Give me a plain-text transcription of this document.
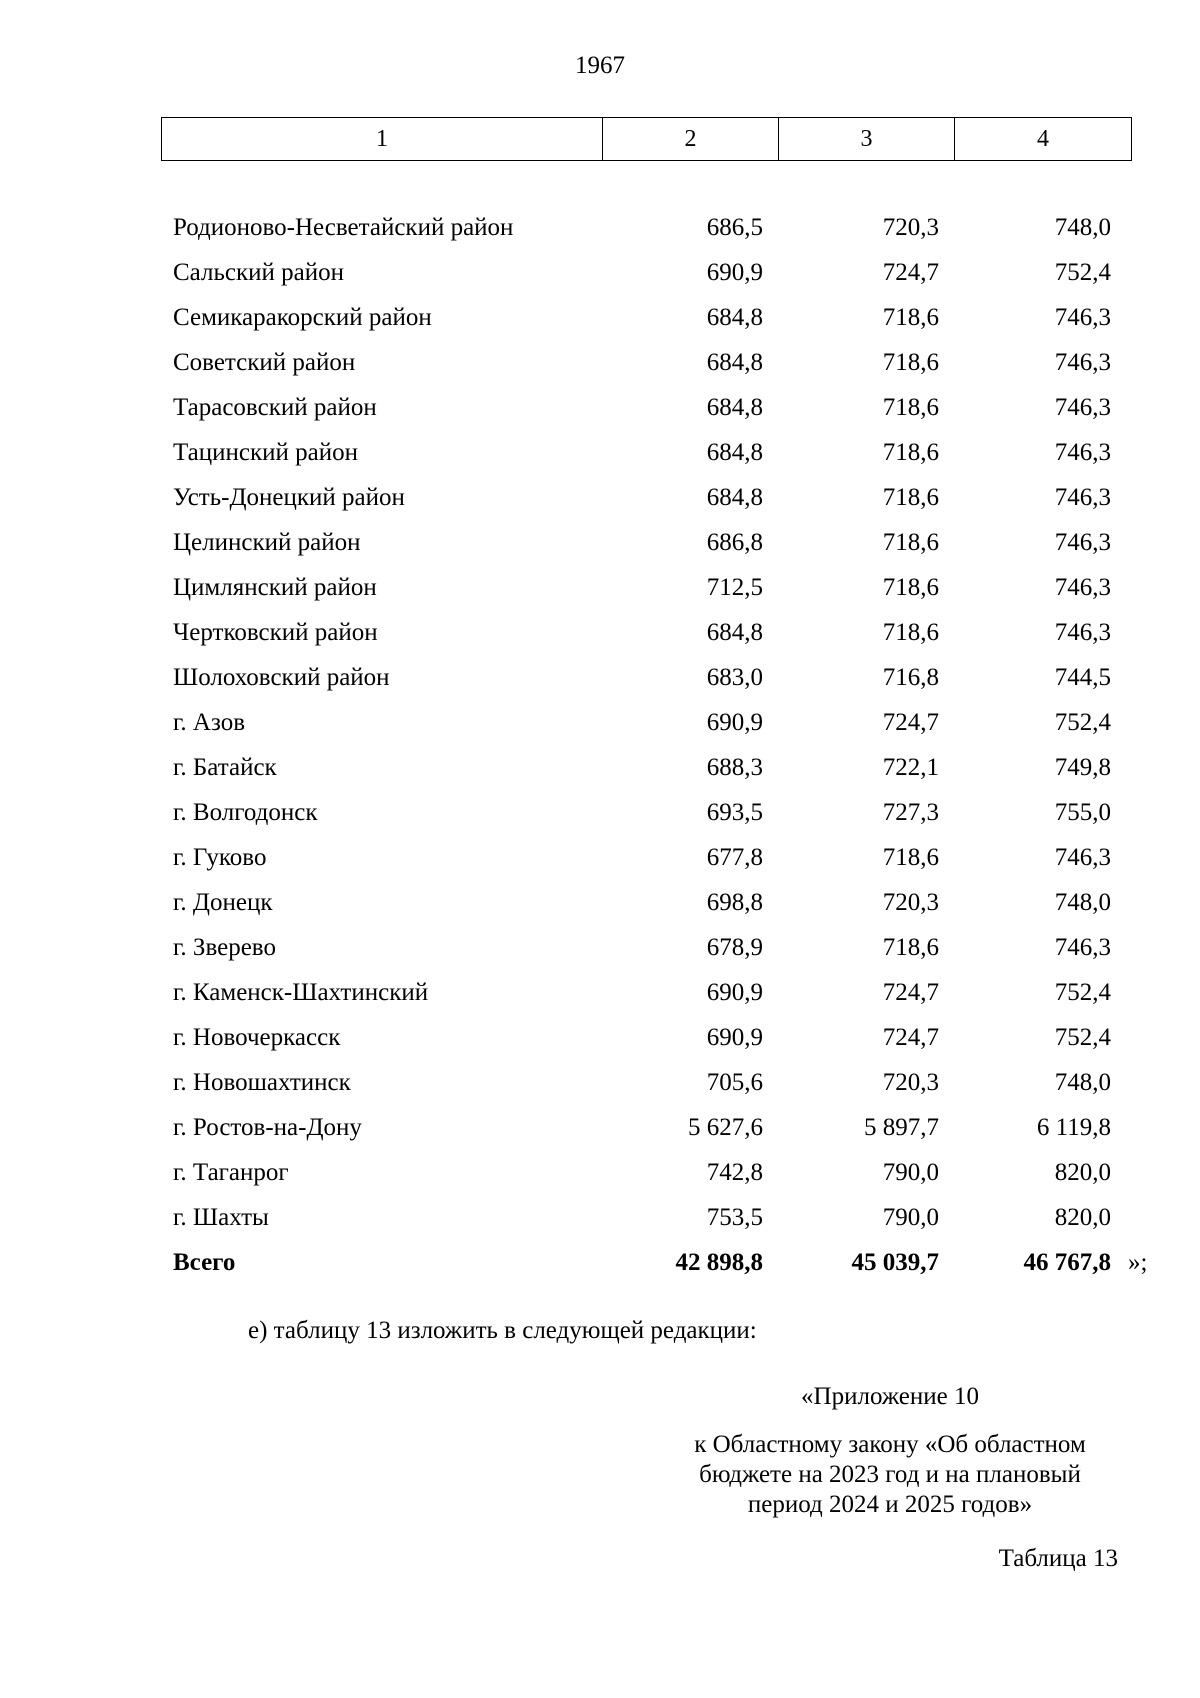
1967
1	2	3	4
Родионово-Несветайский район	686,5	720,3	748,0
Сальский район	690,9	724,7	752,4
Семикаракорский район	684,8	718,6	746,3
Советский район	684,8	718,6	746,3
Тарасовский район	684,8	718,6	746,3
Тацинский район	684,8	718,6	746,3
Усть-Донецкий район	684,8	718,6	746,3
Целинский район	686,8	718,6	746,3
Цимлянский район	712,5	718,6	746,3
Чертковский район	684,8	718,6	746,3
Шолоховский район	683,0	716,8	744,5
г. Азов	690,9	724,7	752,4
г. Батайск	688,3	722,1	749,8
г. Волгодонск	693,5	727,3	755,0
г. Гуково	677,8	718,6	746,3
г. Донецк	698,8	720,3	748,0
г. Зверево	678,9	718,6	746,3
г. Каменск-Шахтинский	690,9	724,7	752,4
г. Новочеркасск	690,9	724,7	752,4
г. Новошахтинск	705,6	720,3	748,0
г. Ростов-на-Дону	5 627,6	5 897,7	6 119,8
г. Таганрог	742,8	790,0	820,0
г. Шахты	753,5	790,0	820,0
Всего	42 898,8	45 039,7	46 767,8 »;
е) таблицу 13 изложить в следующей редакции:
«Приложение 10
к Областному закону «Об областном
бюджете на 2023 год и на плановый
период 2024 и 2025 годов»
Таблица 13
